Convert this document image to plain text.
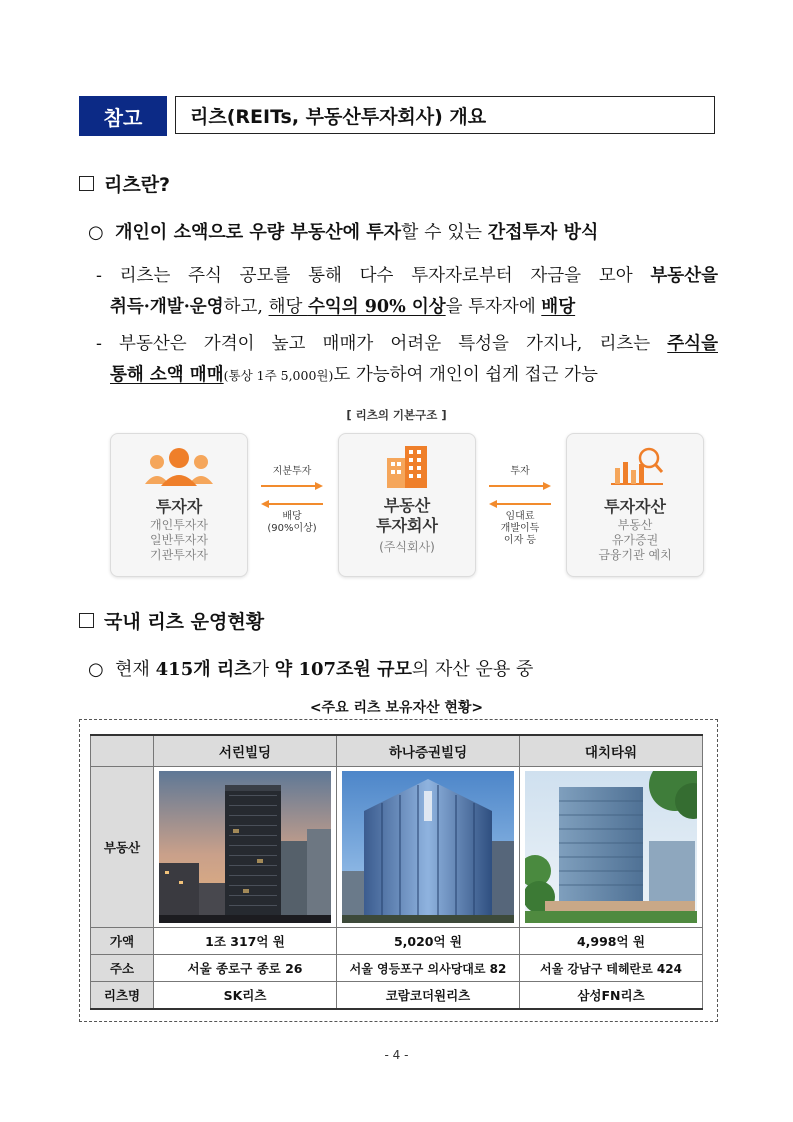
참고	리츠(REITs, 부동산투자회사) 개요
리츠란?
○  개인이 소액으로 우량 부동산에 투자할 수 있는 간접투자 방식
- 리츠는 주식 공모를 통해 다수 투자자로부터 자금을 모아 부동산을
취득·개발·운영하고, 해당 수익의 90% 이상을 투자자에 배당
- 부동산은 가격이 높고 매매가 어려운 특성을 가지나, 리츠는 주식을
통해 소액 매매(통상 1주 5,000원)도 가능하여 개인이 쉽게 접근 가능
[ 리츠의 기본구조 ]
투자자
개인투자자
일반투자자
기관투자자
지분투자
배당
(90%이상)
부동산
투자회사
(주식회사)
투자
임대료
개발이득
이자 등
투자자산
부동산
유가증권
금융기관 예치
국내 리츠 운영현황
○  현재 415개 리츠가 약 107조원 규모의 자산 운용 중
<주요 리츠 보유자산 현황>
	서린빌딩	하나증권빌딩	대치타워
부동산	

가액	1조 317억 원	5,020억 원	4,998억 원
주소	서울 종로구 종로 26	서울 영등포구 의사당대로 82	서울 강남구 테헤란로 424
리츠명	SK리츠	코람코더원리츠	삼성FN리츠
- 4 -
